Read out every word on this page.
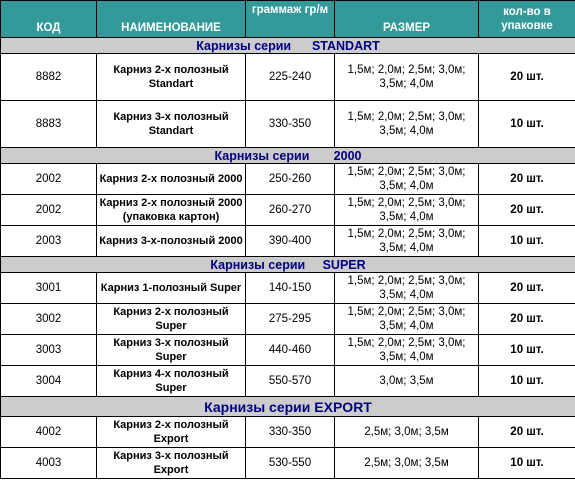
КОД	НАИМЕНОВАНИЕ	граммаж гр/м	РАЗМЕР	кол-во в упаковке
Карнизы серии      STANDART				
8882	Карниз 2-х полозный Standart	225-240	1,5м; 2,0м; 2,5м; 3,0м; 3,5м; 4,0м	20 шт.
8883	Карниз 3-х полозный Standart	330-350	1,5м; 2,0м; 2,5м; 3,0м; 3,5м; 4,0м	10 шт.
Карнизы серии       2000				
2002	Карниз 2-х полозный 2000	250-260	1,5м; 2,0м; 2,5м; 3,0м; 3,5м; 4,0м	20 шт.
2002	Карниз 2-х полозный 2000 (упаковка картон)	260-270	1,5м; 2,0м; 2,5м; 3,0м; 3,5м; 4,0м	20 шт.
2003	Карниз 3-х-полозный 2000	390-400	1,5м; 2,0м; 2,5м; 3,0м; 3,5м; 4,0м	10 шт.
Карнизы серии     SUPER				
3001	Карниз 1-полозный Super	140-150	1,5м; 2,0м; 2,5м; 3,0м; 3,5м; 4,0м	20 шт.
3002	Карниз 2-х полозный Super	275-295	1,5м; 2,0м; 2,5м; 3,0м; 3,5м; 4,0м	20 шт.
3003	Карниз 3-х полозный Super	440-460	1,5м; 2,0м; 2,5м; 3,0м; 3,5м; 4,0м	10 шт.
3004	Карниз 4-х полозный Super	550-570	3,0м; 3,5м	10 шт.
Карнизы серии EXPORT				
4002	Карниз 2-х полозный Export	330-350	2,5м; 3,0м; 3,5м	20 шт.
4003	Карниз 3-х полозный Export	530-550	2,5м; 3,0м; 3,5м	10 шт.
